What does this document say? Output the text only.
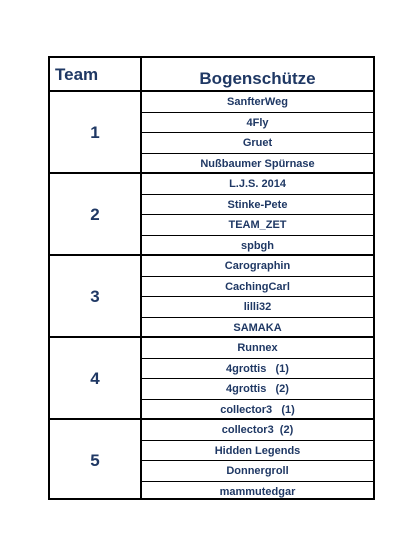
Team	Bogenschütze
1
SanfterWeg
4Fly
Gruet
Nußbaumer Spürnase
2
L.J.S. 2014
Stinke-Pete
TEAM_ZET
spbgh
3
Carographin
CachingCarl
lilli32
SAMAKA
4
Runnex
4grottis   (1)
4grottis   (2)
collector3   (1)
5
collector3  (2)
Hidden Legends
Donnergroll
mammutedgar
